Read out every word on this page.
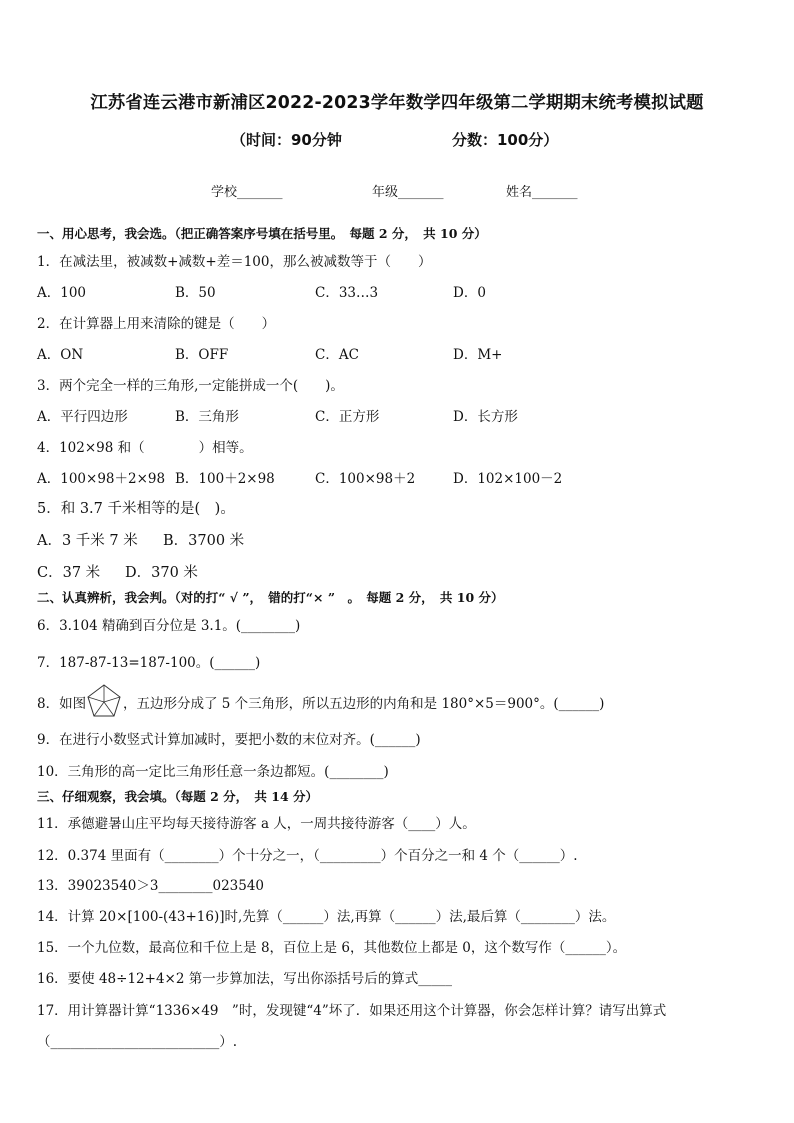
江苏省连云港市新浦区2022-2023学年数学四年级第二学期期末统考模拟试题
（时间：90分钟	分数：100分）
学校_______	年级_______	姓名_______
一、用心思考，我会选。（把正确答案序号填在括号里。　每题 2 分，　共 10 分）
1．在减法里，被减数+减数+差＝100，那么被减数等于（　　）
A．100	B．50	C．33…3	D．0
2．在计算器上用来清除的键是（　　）
A．ON	B．OFF	C．AC	D．M+
3．两个完全一样的三角形,一定能拼成一个(　　)。
A．平行四边形	B．三角形	C．正方形	D．长方形
4．102×98 和（　　　　）相等。
A．100×98＋2×98 B．100＋2×98	C．100×98＋2	D．102×100－2
5．和 3.7 千米相等的是(　)。
A．3 千米 7 米 B．3700 米
C．37 米 D．370 米
二、认真辨析，我会判。（对的打“ √ ”，　错的打“× ”　。　每题 2 分，　共 10 分）
6．3.104 精确到百分位是 3.1。(________)
7．187-87-13=187-100。(______)
8．如图	，五边形分成了 5 个三角形，所以五边形的内角和是 180°×5＝900°。(______)
9．在进行小数竖式计算加减时，要把小数的末位对齐。(______)
10．三角形的高一定比三角形任意一条边都短。(________)
三、仔细观察，我会填。（每题 2 分，　共 14 分）
11．承德避暑山庄平均每天接待游客 a 人，一周共接待游客（____）人。
12．0.374 里面有（________）个十分之一，（_________）个百分之一和 4 个（______）.
13．39023540＞3________023540
14．计算 20×[100-(43+16)]时,先算（______）法,再算（______）法,最后算（________）法。
15．一个九位数，最高位和千位上是 8，百位上是 6，其他数位上都是 0，这个数写作（______）。
16．要使 48÷12+4×2 第一步算加法，写出你添括号后的算式_____
17．用计算器计算“1336×49　”时，发现键“4”坏了．如果还用这个计算器，你会怎样计算？请写出算式
（_________________________）.
